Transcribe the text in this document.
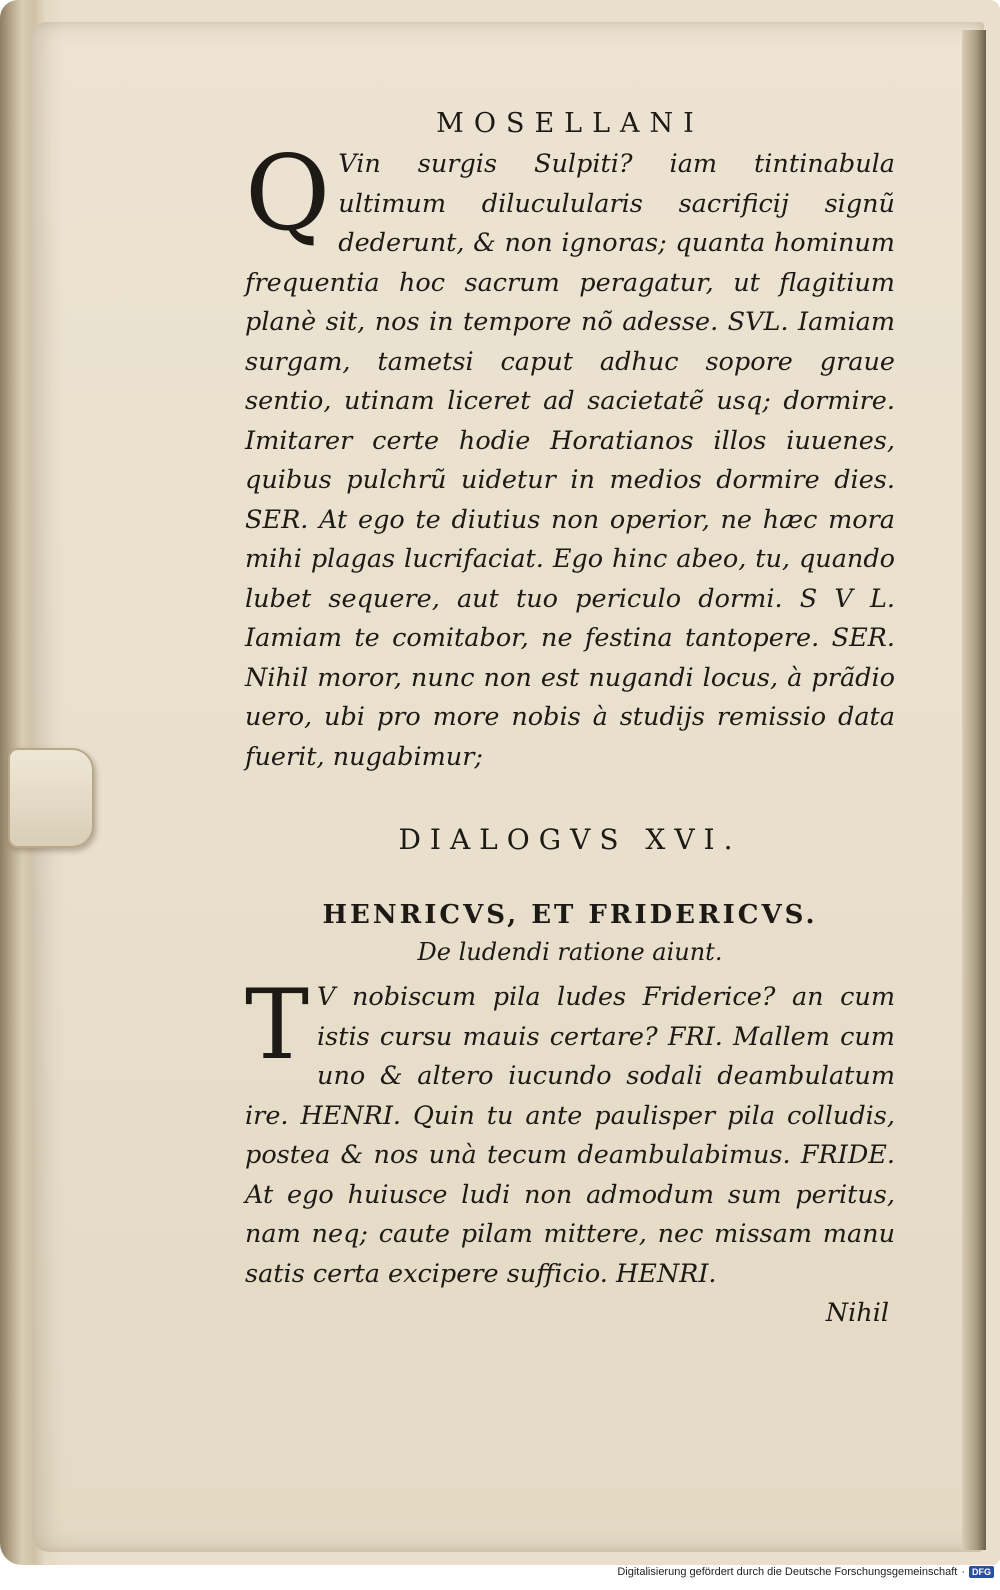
MOSELLANI

Q Vin surgis Sulpiti? iam tintinabula ultimum diluculularis sacrificij signũ dederunt, & non ignoras; quanta hominum frequentia hoc sacrum peragatur, ut flagitium planè sit, nos in tempore nõ adesse. SVL. Iamiam surgam, tametsi caput adhuc sopore graue sentio, utinam liceret ad sacietatẽ usq; dormire. Imitarer certe hodie Horatianos illos iuuenes, quibus pulchrũ uidetur in medios dormire dies. SER. At ego te diutius non operior, ne hæc mora mihi plagas lucrifaciat. Ego hinc abeo, tu, quando lubet sequere, aut tuo periculo dormi. S V L. Iamiam te comitabor, ne festina tantopere. SER. Nihil moror, nunc non est nugandi locus, à prãdio uero, ubi pro more nobis à studijs remissio data fuerit, nugabimur;

DIALOGVS XVI.
HENRICVS, ET FRIDERICVS.
De ludendi ratione aiunt.

T V nobiscum pila ludes Friderice? an cum istis cursu mauis certare? FRI. Mallem cum uno & altero iucundo sodali deambulatum ire. HENRI. Quin tu ante paulisper pila colludis, postea & nos unà tecum deambulabimus. FRIDE. At ego huiusce ludi non admodum sum peritus, nam neq; caute pilam mittere, nec missam manu satis certa excipere sufficio. HENRI.

Nihil
Digitalisierung gefördert durch die Deutsche Forschungsgemeinschaft · DFG
